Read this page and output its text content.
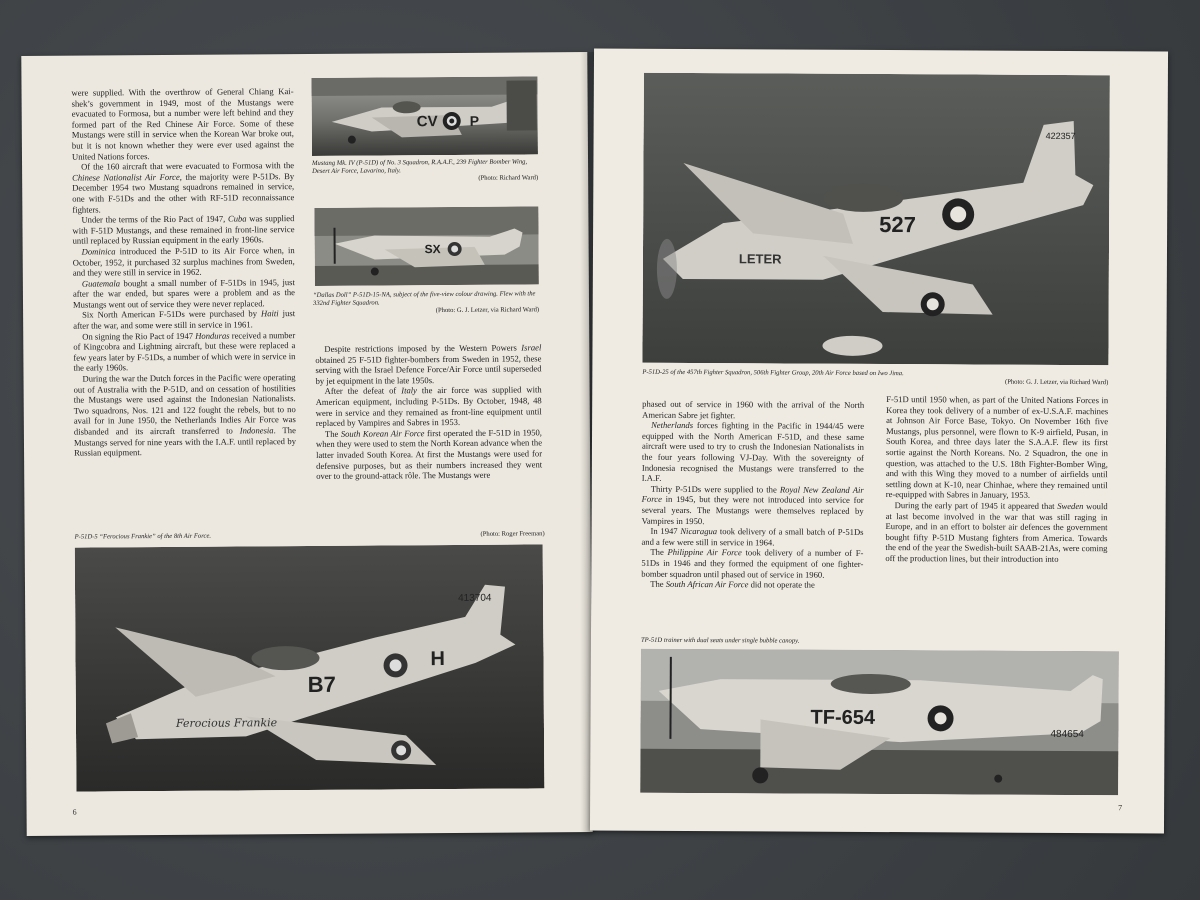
were supplied. With the overthrow of General Chiang Kai-shek’s government in 1949, most of the Mustangs were evacuated to Formosa, but a number were left behind and they formed part of the Red Chinese Air Force. Some of these Mustangs were still in service when the Korean War broke out, but it is not known whether they were ever used against the United Nations forces.

Of the 160 aircraft that were evacuated to Formosa with the Chinese Nationalist Air Force, the majority were P-51Ds. By December 1954 two Mustang squadrons remained in service, one with F-51Ds and the other with RF-51D reconnaissance fighters.

Under the terms of the Rio Pact of 1947, Cuba was supplied with F-51D Mustangs, and these remained in front-line service until replaced by Russian equipment in the early 1960s.

Dominica introduced the P-51D to its Air Force when, in October, 1952, it purchased 32 surplus machines from Sweden, and they were still in service in 1962.

Guatemala bought a small number of F-51Ds in 1945, just after the war ended, but spares were a problem and as the Mustangs went out of service they were never replaced.

Six North American F-51Ds were purchased by Haiti just after the war, and some were still in service in 1961.

On signing the Rio Pact of 1947 Honduras received a number of Kingcobra and Lightning aircraft, but these were replaced a few years later by F-51Ds, a number of which were in service in the early 1960s.

During the war the Dutch forces in the Pacific were operating out of Australia with the P-51D, and on cessation of hostilities the Mustangs were used against the Indonesian Nationalists. Two squadrons, Nos. 121 and 122 fought the rebels, but to no avail for in June 1950, the Netherlands Indies Air Force was disbanded and its aircraft transferred to Indonesia. The Mustangs served for nine years with the I.A.F. until replaced by Russian equipment.

CV P
Mustang Mk. IV (P-51D) of No. 3 Squadron, R.A.A.F., 239 Fighter Bomber Wing, Desert Air Force, Lavarino, Italy.
(Photo: Richard Ward)
SX
“Dallas Doll” P-51D-15-NA, subject of the five-view colour drawing. Flew with the 332nd Fighter Squadron.
(Photo: G. J. Letzer, via Richard Ward)

Despite restrictions imposed by the Western Powers Israel obtained 25 F-51D fighter-bombers from Sweden in 1952, these serving with the Israel Defence Force/Air Force until superseded by jet equipment in the late 1950s.

After the defeat of Italy the air force was supplied with American equipment, including P-51Ds. By October, 1948, 48 were in service and they remained as front-line equipment until replaced by Vampires and Sabres in 1953.

The South Korean Air Force first operated the F-51D in 1950, when they were used to stem the North Korean advance when the latter invaded South Korea. At first the Mustangs were used for defensive purposes, but as their numbers increased they went over to the ground-attack rôle. The Mustangs were

P-51D-5 “Ferocious Frankie” of the 8th Air Force.	(Photo: Roger Freeman)
B7
H
413704
Ferocious Frankie
6
527
422357
LETER
P-51D-25 of the 457th Fighter Squadron, 506th Fighter Group, 20th Air Force based on Iwo Jima.
(Photo: G. J. Letzer, via Richard Ward)

phased out of service in 1960 with the arrival of the North American Sabre jet fighter.

Netherlands forces fighting in the Pacific in 1944/45 were equipped with the North American F-51D, and these same aircraft were used to try to crush the Indonesian Nationalists in the four years following VJ-Day. With the sovereignty of Indonesia recognised the Mustangs were transferred to the I.A.F.

Thirty P-51Ds were supplied to the Royal New Zealand Air Force in 1945, but they were not introduced into service for several years. The Mustangs were themselves replaced by Vampires in 1950.

In 1947 Nicaragua took delivery of a small batch of P-51Ds and a few were still in service in 1964.

The Philippine Air Force took delivery of a number of F-51Ds in 1946 and they formed the equipment of one fighter-bomber squadron until phased out of service in 1960.

The South African Air Force did not operate the

F-51D until 1950 when, as part of the United Nations Forces in Korea they took delivery of a number of ex-U.S.A.F. machines at Johnson Air Force Base, Tokyo. On November 16th five Mustangs, plus personnel, were flown to K-9 airfield, Pusan, in South Korea, and three days later the S.A.A.F. flew its first sortie against the North Koreans. No. 2 Squadron, the one in question, was attached to the U.S. 18th Fighter-Bomber Wing, and with this Wing they moved to a number of airfields until settling down at K-10, near Chinhae, where they remained until re-equipped with Sabres in January, 1953.

During the early part of 1945 it appeared that Sweden would at last become involved in the war that was still raging in Europe, and in an effort to bolster air defences the government bought fifty P-51D Mustang fighters from America. Towards the end of the year the Swedish-built SAAB-21As, were coming off the production lines, but their introduction into

TP-51D trainer with dual seats under single bubble canopy.
TF-654
484654
7
